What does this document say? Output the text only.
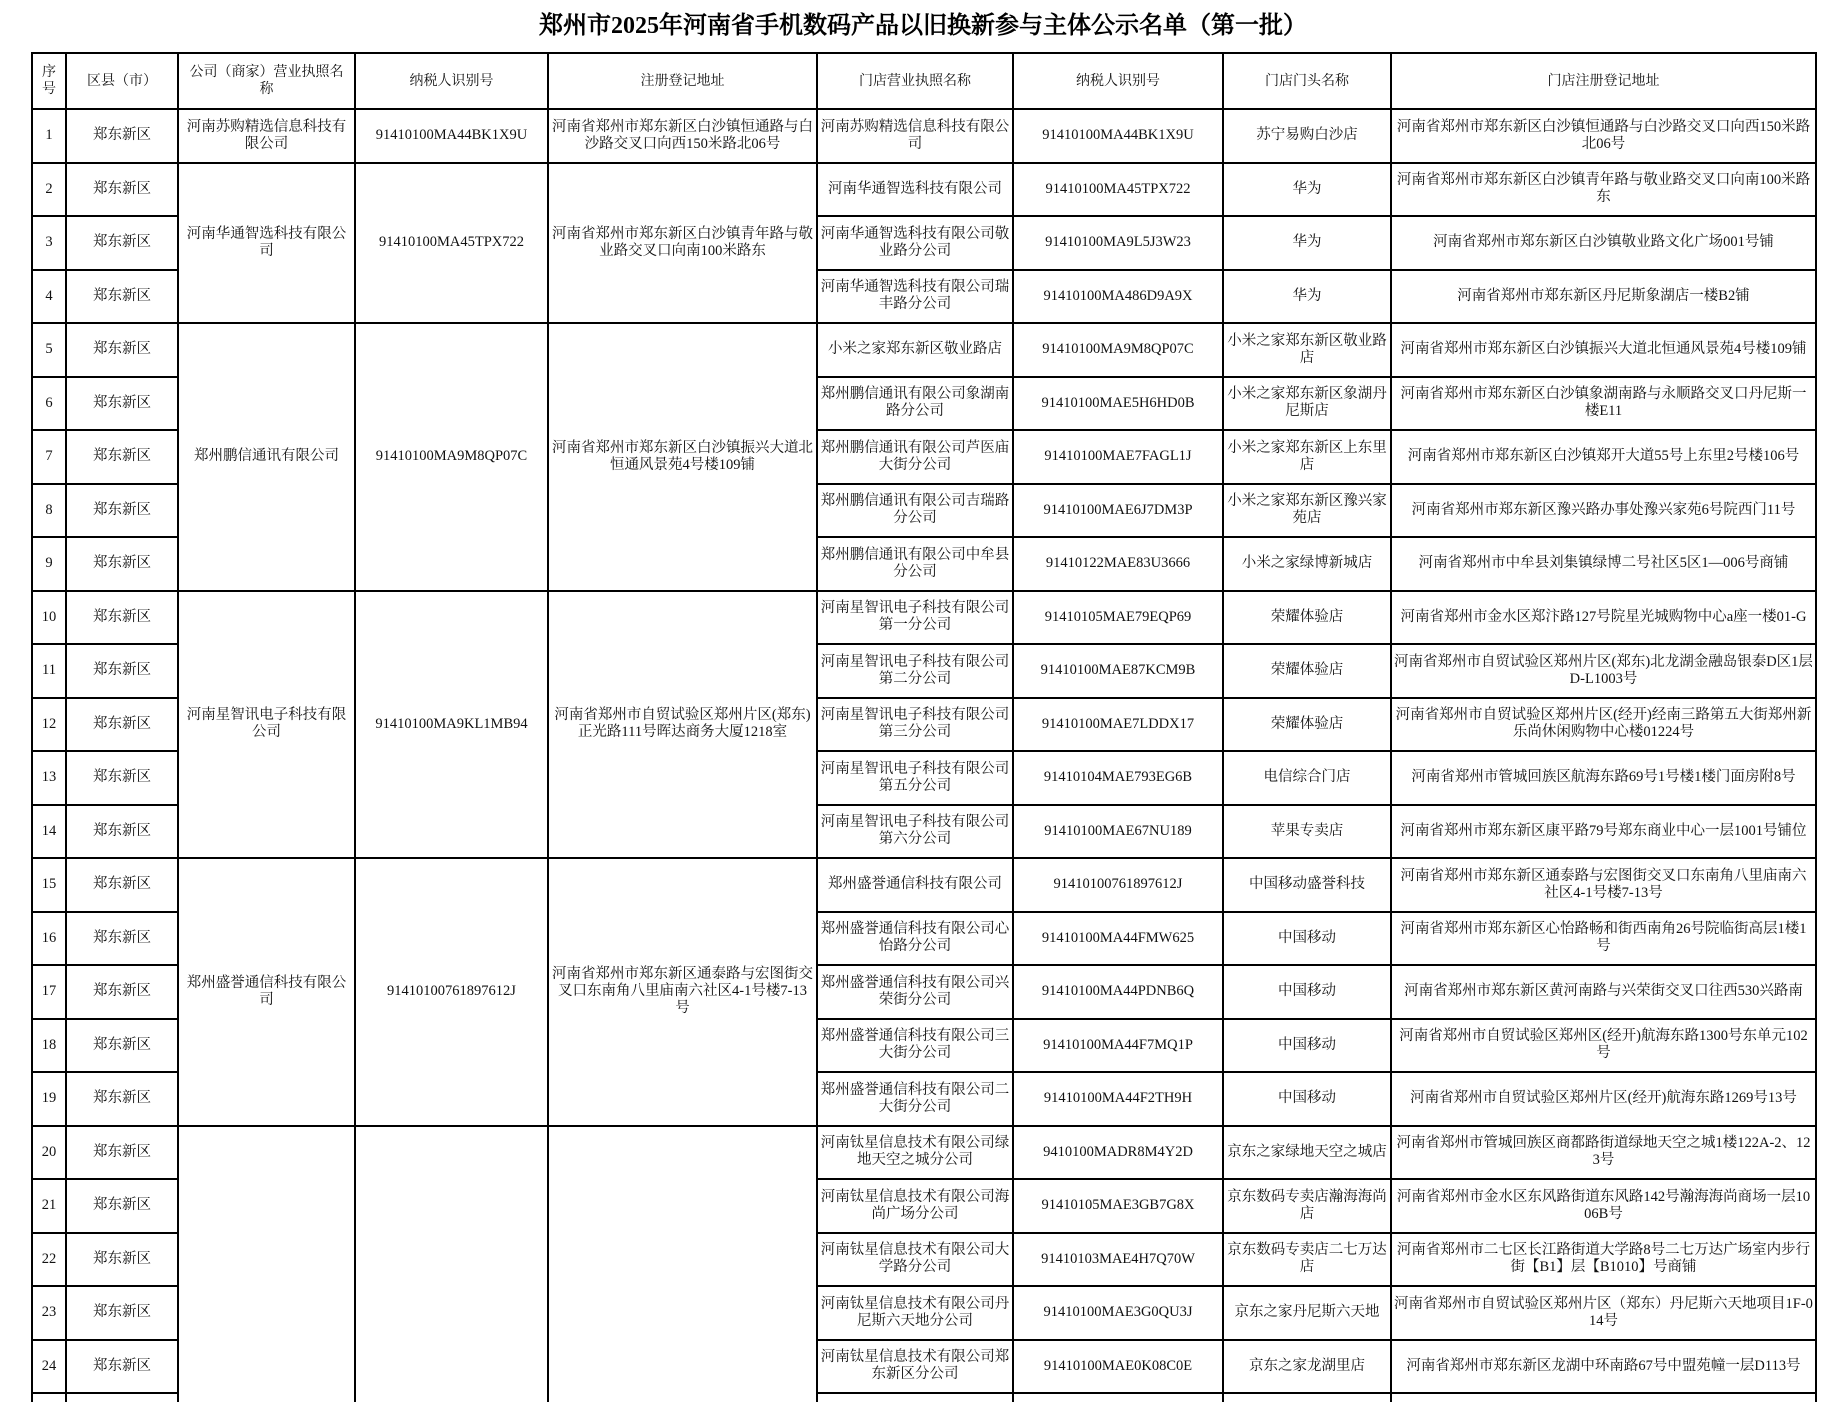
郑州市2025年河南省手机数码产品以旧换新参与主体公示名单（第一批）
序号	区县（市）	公司（商家）营业执照名称	纳税人识别号	注册登记地址	门店营业执照名称	纳税人识别号	门店门头名称	门店注册登记地址
1	郑东新区	河南苏购精选信息科技有限公司	91410100MA44BK1X9U	河南省郑州市郑东新区白沙镇恒通路与白沙路交叉口向西150米路北06号	河南苏购精选信息科技有限公司	91410100MA44BK1X9U	苏宁易购白沙店	河南省郑州市郑东新区白沙镇恒通路与白沙路交叉口向西150米路北06号
2	郑东新区	河南华通智选科技有限公司	91410100MA45TPX722	河南省郑州市郑东新区白沙镇青年路与敬业路交叉口向南100米路东	河南华通智选科技有限公司	91410100MA45TPX722	华为	河南省郑州市郑东新区白沙镇青年路与敬业路交叉口向南100米路东
3	郑东新区				河南华通智选科技有限公司敬业路分公司	91410100MA9L5J3W23	华为	河南省郑州市郑东新区白沙镇敬业路文化广场001号铺
4	郑东新区				河南华通智选科技有限公司瑞丰路分公司	91410100MA486D9A9X	华为	河南省郑州市郑东新区丹尼斯象湖店一楼B2铺
5	郑东新区	郑州鹏信通讯有限公司	91410100MA9M8QP07C	河南省郑州市郑东新区白沙镇振兴大道北恒通风景苑4号楼109铺	小米之家郑东新区敬业路店	91410100MA9M8QP07C	小米之家郑东新区敬业路店	河南省郑州市郑东新区白沙镇振兴大道北恒通风景苑4号楼109铺
6	郑东新区				郑州鹏信通讯有限公司象湖南路分公司	91410100MAE5H6HD0B	小米之家郑东新区象湖丹尼斯店	河南省郑州市郑东新区白沙镇象湖南路与永顺路交叉口丹尼斯一楼E11
7	郑东新区				郑州鹏信通讯有限公司芦医庙大街分公司	91410100MAE7FAGL1J	小米之家郑东新区上东里店	河南省郑州市郑东新区白沙镇郑开大道55号上东里2号楼106号
8	郑东新区				郑州鹏信通讯有限公司吉瑞路分公司	91410100MAE6J7DM3P	小米之家郑东新区豫兴家苑店	河南省郑州市郑东新区豫兴路办事处豫兴家苑6号院西门11号
9	郑东新区				郑州鹏信通讯有限公司中牟县分公司	91410122MAE83U3666	小米之家绿博新城店	河南省郑州市中牟县刘集镇绿博二号社区5区1—006号商铺
10	郑东新区	河南星智讯电子科技有限公司	91410100MA9KL1MB94	河南省郑州市自贸试验区郑州片区(郑东)正光路111号晖达商务大厦1218室	河南星智讯电子科技有限公司第一分公司	91410105MAE79EQP69	荣耀体验店	河南省郑州市金水区郑汴路127号院星光城购物中心a座一楼01-G
11	郑东新区				河南星智讯电子科技有限公司第二分公司	91410100MAE87KCM9B	荣耀体验店	河南省郑州市自贸试验区郑州片区(郑东)北龙湖金融岛银泰D区1层D-L1003号
12	郑东新区				河南星智讯电子科技有限公司第三分公司	91410100MAE7LDDX17	荣耀体验店	河南省郑州市自贸试验区郑州片区(经开)经南三路第五大街郑州新乐尚休闲购物中心楼01224号
13	郑东新区				河南星智讯电子科技有限公司第五分公司	91410104MAE793EG6B	电信综合门店	河南省郑州市管城回族区航海东路69号1号楼1楼门面房附8号
14	郑东新区				河南星智讯电子科技有限公司第六分公司	91410100MAE67NU189	苹果专卖店	河南省郑州市郑东新区康平路79号郑东商业中心一层1001号铺位
15	郑东新区	郑州盛誉通信科技有限公司	91410100761897612J	河南省郑州市郑东新区通泰路与宏图街交叉口东南角八里庙南六社区4-1号楼7-13号	郑州盛誉通信科技有限公司	91410100761897612J	中国移动盛誉科技	河南省郑州市郑东新区通泰路与宏图街交叉口东南角八里庙南六社区4-1号楼7-13号
16	郑东新区				郑州盛誉通信科技有限公司心怡路分公司	91410100MA44FMW625	中国移动	河南省郑州市郑东新区心怡路畅和街西南角26号院临街高层1楼1号
17	郑东新区				郑州盛誉通信科技有限公司兴荣街分公司	91410100MA44PDNB6Q	中国移动	河南省郑州市郑东新区黄河南路与兴荣街交叉口往西530兴路南
18	郑东新区				郑州盛誉通信科技有限公司三大街分公司	91410100MA44F7MQ1P	中国移动	河南省郑州市自贸试验区郑州区(经开)航海东路1300号东单元102号
19	郑东新区				郑州盛誉通信科技有限公司二大街分公司	91410100MA44F2TH9H	中国移动	河南省郑州市自贸试验区郑州片区(经开)航海东路1269号13号
20	郑东新区				河南钛星信息技术有限公司绿地天空之城分公司	9410100MADR8M4Y2D	京东之家绿地天空之城店	河南省郑州市管城回族区商都路街道绿地天空之城1楼122A-2、123号
21	郑东新区				河南钛星信息技术有限公司海尚广场分公司	91410105MAE3GB7G8X	京东数码专卖店瀚海海尚店	河南省郑州市金水区东风路街道东风路142号瀚海海尚商场一层1006B号
22	郑东新区				河南钛星信息技术有限公司大学路分公司	91410103MAE4H7Q70W	京东数码专卖店二七万达店	河南省郑州市二七区长江路街道大学路8号二七万达广场室内步行街【B1】层【B1010】号商铺
23	郑东新区				河南钛星信息技术有限公司丹尼斯六天地分公司	91410100MAE3G0QU3J	京东之家丹尼斯六天地	河南省郑州市自贸试验区郑州片区（郑东）丹尼斯六天地项目1F-014号
24	郑东新区				河南钛星信息技术有限公司郑东新区分公司	91410100MAE0K08C0E	京东之家龙湖里店	河南省郑州市郑东新区龙湖中环南路67号中盟苑幢一层D113号
